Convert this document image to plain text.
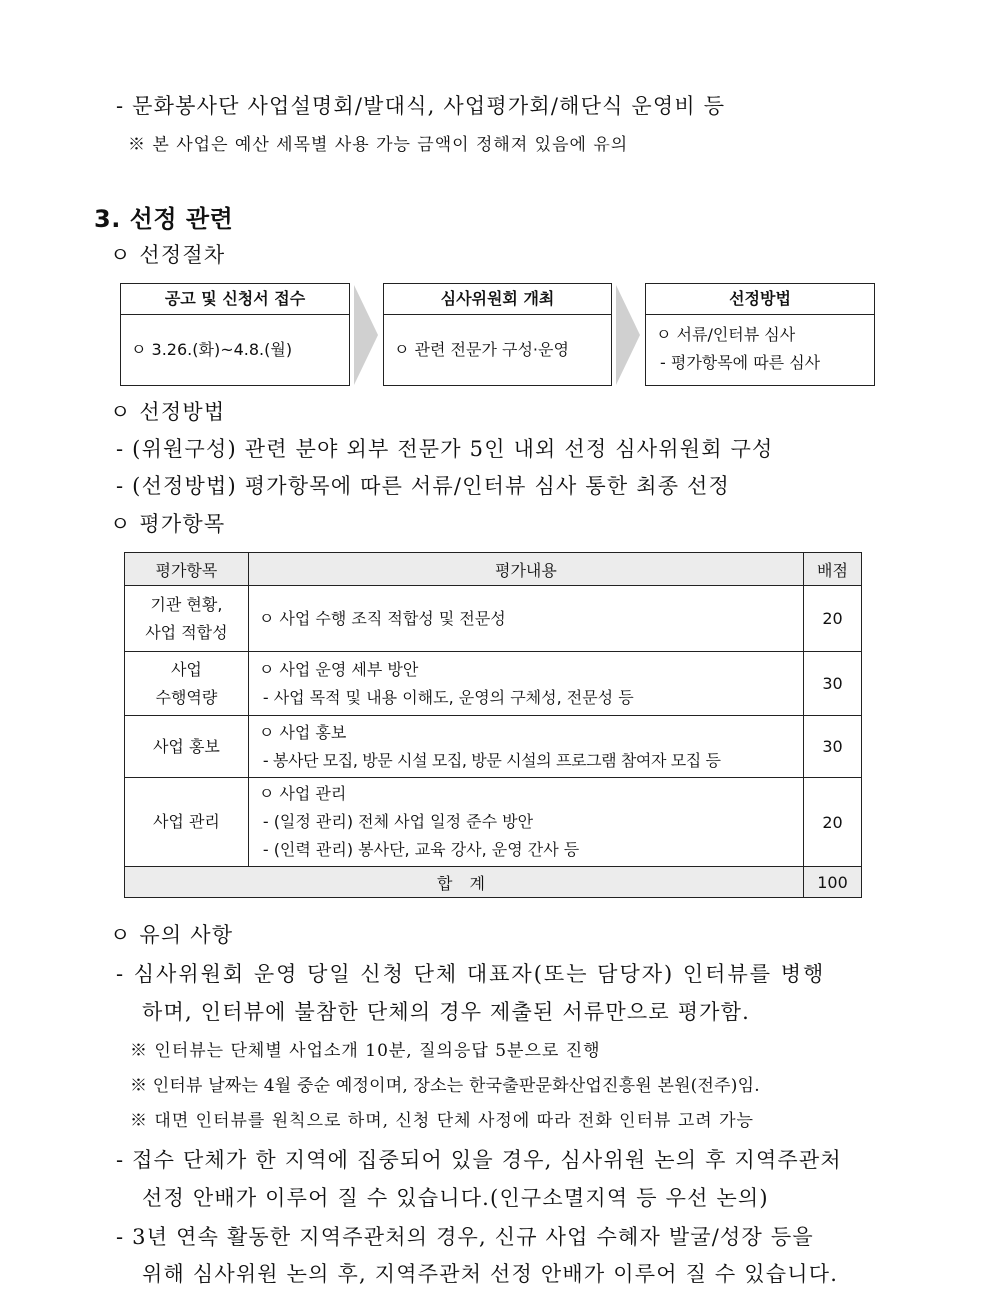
- 문화봉사단 사업설명회/발대식, 사업평가회/해단식 운영비 등
※ 본 사업은 예산 세목별 사용 가능 금액이 정해져 있음에 유의
3. 선정 관련
ㅇ 선정절차
공고 및 신청서 접수
ㅇ 3.26.(화)~4.8.(월)
심사위원회 개최
ㅇ 관련 전문가 구성·운영
선정방법
ㅇ 서류/인터뷰 심사
- 평가항목에 따른 심사
ㅇ 선정방법
- (위원구성) 관련 분야 외부 전문가 5인 내외 선정 심사위원회 구성
- (선정방법) 평가항목에 따른 서류/인터뷰 심사 통한 최종 선정
ㅇ 평가항목
평가항목	평가내용	배점

기관 현황,
사업 적합성	ㅇ 사업 수행 조직 적합성 및 전문성	20

사업
수행역량	ㅇ 사업 운영 세부 방안
- 사업 목적 및 내용 이해도, 운영의 구체성, 전문성 등	30

사업 홍보	ㅇ 사업 홍보
- 봉사단 모집, 방문 시설 모집, 방문 시설의 프로그램 참여자 모집 등	30

사업 관리	ㅇ 사업 관리
- (일정 관리) 전체 사업 일정 준수 방안
- (인력 관리) 봉사단, 교육 강사, 운영 간사 등	20
합 계		100
ㅇ 유의 사항
- 심사위원회 운영 당일 신청 단체 대표자(또는 담당자) 인터뷰를 병행
하며, 인터뷰에 불참한 단체의 경우 제출된 서류만으로 평가함.
※ 인터뷰는 단체별 사업소개 10분, 질의응답 5분으로 진행
※ 인터뷰 날짜는 4월 중순 예정이며, 장소는 한국출판문화산업진흥원 본원(전주)임.
※ 대면 인터뷰를 원칙으로 하며, 신청 단체 사정에 따라 전화 인터뷰 고려 가능
- 접수 단체가 한 지역에 집중되어 있을 경우, 심사위원 논의 후 지역주관처
선정 안배가 이루어 질 수 있습니다.(인구소멸지역 등 우선 논의)
- 3년 연속 활동한 지역주관처의 경우, 신규 사업 수혜자 발굴/성장 등을
위해 심사위원 논의 후, 지역주관처 선정 안배가 이루어 질 수 있습니다.
